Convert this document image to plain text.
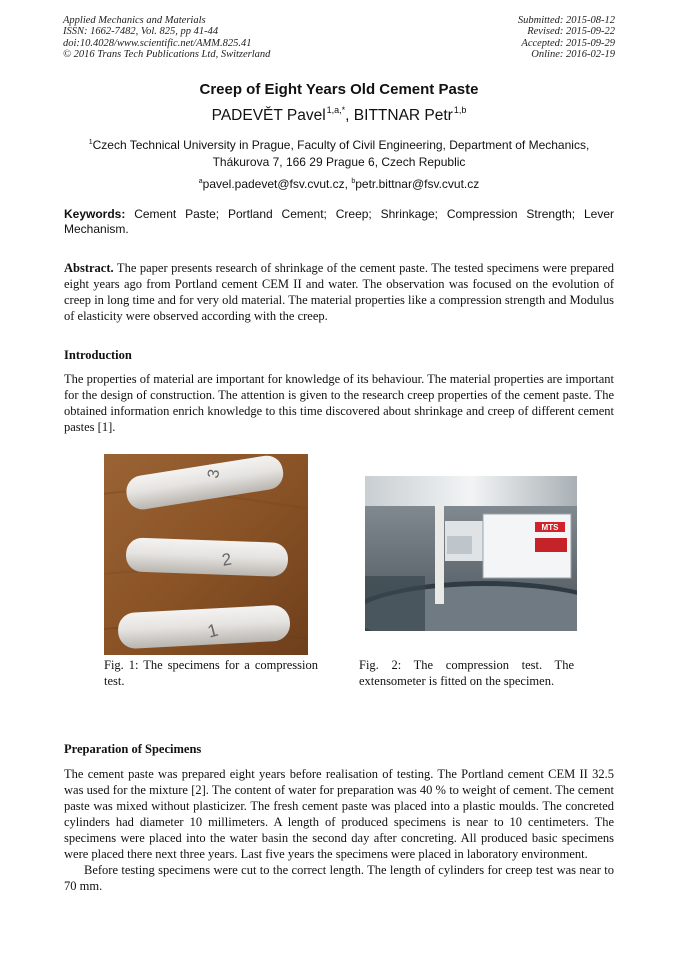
Applied Mechanics and Materials
ISSN: 1662-7482, Vol. 825, pp 41-44
doi:10.4028/www.scientific.net/AMM.825.41
© 2016 Trans Tech Publications Ltd, Switzerland
Submitted: 2015-08-12
Revised: 2015-09-22
Accepted: 2015-09-29
Online: 2016-02-19
Creep of Eight Years Old Cement Paste
PADEVĚT Pavel$^{1,a,*}$, BITTNAR Petr$^{1,b}$
$^1$Czech Technical University in Prague, Faculty of Civil Engineering, Department of Mechanics,
Thákurova 7, 166 29 Prague 6, Czech Republic
$^a$pavel.padevet@fsv.cvut.cz, $^b$petr.bittnar@fsv.cvut.cz
Keywords: Cement Paste; Portland Cement; Creep; Shrinkage; Compression Strength; Lever Mechanism.
Abstract. The paper presents research of shrinkage of the cement paste. The tested specimens were prepared eight years ago from Portland cement CEM II and water. The observation was focused on the evolution of creep in long time and for very old material. The material properties like a compression strength and Modulus of elasticity were observed according with the creep.
Introduction
The properties of material are important for knowledge of its behaviour. The material properties are important for the design of construction. The attention is given to the research creep properties of the cement paste. The obtained information enrich knowledge to this time discovered about shrinkage and creep of different cement pastes [1].
3
2
1
MTS
Fig. 1: The specimens for a compression test.
Fig. 2: The compression test. The extensometer is fitted on the specimen.
Preparation of Specimens
The cement paste was prepared eight years before realisation of testing. The Portland cement CEM II 32.5 was used for the mixture [2]. The content of water for preparation was 40 % to weight of cement. The cement paste was mixed without plasticizer. The fresh cement paste was placed into a plastic moulds. The concreted cylinders had diameter 10 millimeters. A length of produced specimens is near to 10 centimeters. The specimens were placed into the water basin the second day after concreting. All produced basic specimens were placed there next three years. Last five years the specimens were placed in laboratory environment.
Before testing specimens were cut to the correct length. The length of cylinders for creep test was near to 70 mm.
